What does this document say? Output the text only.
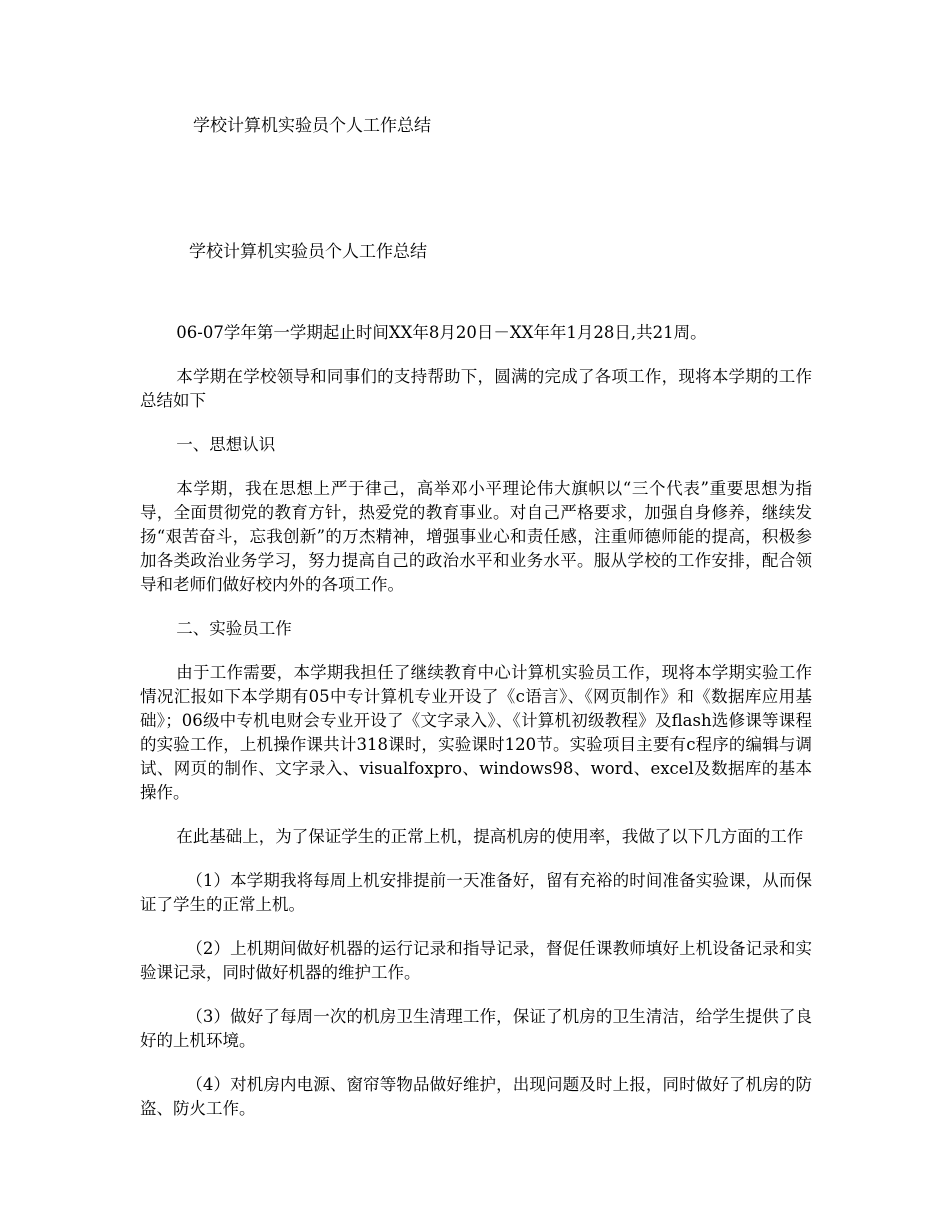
学校计算机实验员个人工作总结
学校计算机实验员个人工作总结

06-07学年第一学期起止时间XX年8月20日－XX年年1月28日,共21周。

本学期在学校领导和同事们的支持帮助下，圆满的完成了各项工作，现将本学期的工作总结如下

一、思想认识

本学期，我在思想上严于律己，高举邓小平理论伟大旗帜以“三个代表”重要思想为指导，全面贯彻党的教育方针，热爱党的教育事业。对自己严格要求，加强自身修养，继续发扬“艰苦奋斗，忘我创新”的万杰精神，增强事业心和责任感，注重师德师能的提高，积极参加各类政治业务学习，努力提高自己的政治水平和业务水平。服从学校的工作安排，配合领导和老师们做好校内外的各项工作。

二、实验员工作

由于工作需要，本学期我担任了继续教育中心计算机实验员工作，现将本学期实验工作情况汇报如下本学期有05中专计算机专业开设了《c语言》、《网页制作》和《数据库应用基础》；06级中专机电财会专业开设了《文字录入》、《计算机初级教程》及flash选修课等课程的实验工作，上机操作课共计318课时，实验课时120节。实验项目主要有c程序的编辑与调试、网页的制作、文字录入、visualfoxpro、windows98、word、excel及数据库的基本操作。

在此基础上，为了保证学生的正常上机，提高机房的使用率，我做了以下几方面的工作

（1）本学期我将每周上机安排提前一天准备好，留有充裕的时间准备实验课，从而保证了学生的正常上机。

（2）上机期间做好机器的运行记录和指导记录，督促任课教师填好上机设备记录和实验课记录，同时做好机器的维护工作。

（3）做好了每周一次的机房卫生清理工作，保证了机房的卫生清洁，给学生提供了良好的上机环境。

（4）对机房内电源、窗帘等物品做好维护，出现问题及时上报，同时做好了机房的防盗、防火工作。
